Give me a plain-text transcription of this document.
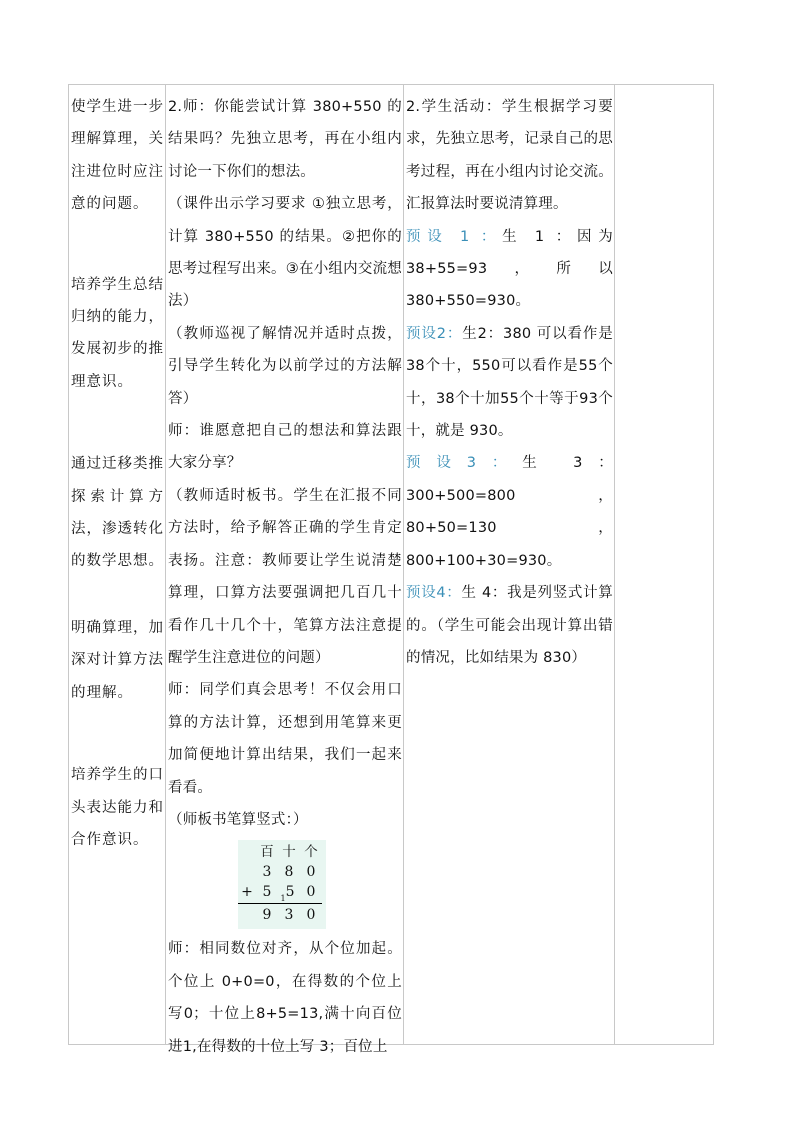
使学生进一步理解算理，关注进位时应注意的问题。

培养学生总结归纳的能力，发展初步的推理意识。

通过迁移类推探索计算方法，渗透转化的数学思想。

明确算理，加深对计算方法的理解。

培养学生的口头表达能力和合作意识。

2.师：你能尝试计算 380+550 的结果吗？先独立思考，再在小组内讨论一下你们的想法。

（课件出示学习要求 ①独立思考，计算 380+550 的结果。②把你的思考过程写出来。③在小组内交流想法）

（教师巡视了解情况并适时点拨，引导学生转化为以前学过的方法解答）

师：谁愿意把自己的想法和算法跟大家分享？

（教师适时板书。学生在汇报不同方法时，给予解答正确的学生肯定表扬。注意：教师要让学生说清楚算理，口算方法要强调把几百几十看作几十几个十，笔算方法注意提醒学生注意进位的问题）

师：同学们真会思考！不仅会用口算的方法计算，还想到用笔算来更加简便地计算出结果，我们一起来看看。

（师板书笔算竖式：）

百 十 个
3 8 0
+ 5	$_1$5 0
9 3 0

师：相同数位对齐，从个位加起。个位上 0+0=0，在得数的个位上写0；十位上8+5=13,满十向百位进1,在得数的十位上写 3；百位上

2.学生活动：学生根据学习要求，先独立思考，记录自己的思考过程，再在小组内讨论交流。汇报算法时要说清算理。

预设 1 ：生 1 ：因为 38+55=93，所以380+550=930。

预设2：生2：380 可以看作是38个十，550可以看作是55个十，38个十加55个十等于93个十，就是 930。

预设3：生 3：300+500=800，80+50=130，800+100+30=930。

预设4：生 4：我是列竖式计算的。（学生可能会出现计算出错的情况，比如结果为 830）
